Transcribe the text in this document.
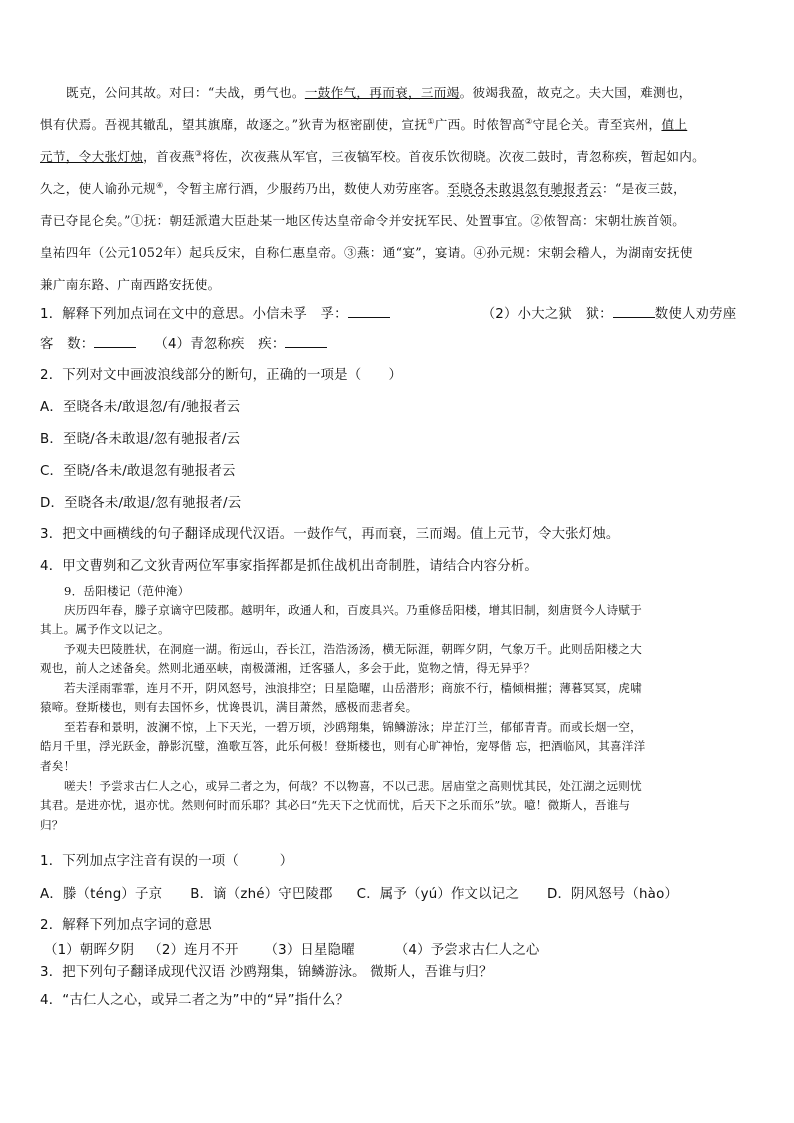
既克，公问其故。对曰：“夫战，勇气也。一鼓作气，再而衰，三而竭。彼竭我盈，故克之。夫大国，难测也，
惧有伏焉。吾视其辙乱，望其旗靡，故逐之。”狄青为枢密副使，宣抚①广西。时侬智高②守昆仑关。青至宾州，值上
元节，令大张灯烛，首夜燕③将佐，次夜燕从军官，三夜犒军校。首夜乐饮彻晓。次夜二鼓时，青忽称疾，暂起如内。
久之，使人谕孙元规④，令暂主席行酒，少服药乃出，数使人劝劳座客。至晓各未敢退忽有驰报者云：“是夜三鼓，
青已夺昆仑矣。”①抚：朝廷派遣大臣赴某一地区传达皇帝命令并安抚军民、处置事宜。②侬智高：宋朝壮族首领。
皇祐四年（公元1052年）起兵反宋，自称仁惠皇帝。③燕：通“宴”，宴请。④孙元规：宋朝会稽人，为湖南安抚使
兼广南东路、广南西路安抚使。
1．解释下列加点词在文中的意思。小信未孚　孚：	（2）小大之狱　狱：	数使人劝劳座
客　数：	（4）青忽称疾　疾：
2．下列对文中画波浪线部分的断句，正确的一项是（　　）
A．至晓各未/敢退忽/有/驰报者云
B．至晓/各未敢退/忽有驰报者/云
C．至晓/各未/敢退忽有驰报者云
D．至晓各未/敢退/忽有驰报者/云
3．把文中画横线的句子翻译成现代汉语。一鼓作气，再而衰，三而竭。值上元节，令大张灯烛。
4．甲文曹刿和乙文狄青两位军事家指挥都是抓住战机出奇制胜，请结合内容分析。
9．岳阳楼记（范仲淹）
庆历四年春，滕子京谪守巴陵郡。越明年，政通人和，百废具兴。乃重修岳阳楼，增其旧制，刻唐贤今人诗赋于
其上。属予作文以记之。
予观夫巴陵胜状，在洞庭一湖。衔远山，吞长江，浩浩汤汤，横无际涯，朝晖夕阴，气象万千。此则岳阳楼之大
观也，前人之述备矣。然则北通巫峡，南极潇湘，迁客骚人，多会于此，览物之情，得无异乎？
若夫淫雨霏霏，连月不开，阴风怒号，浊浪排空；日星隐曜，山岳潜形；商旅不行，樯倾楫摧；薄暮冥冥，虎啸
猿啼。登斯楼也，则有去国怀乡，忧谗畏讥，满目萧然，感极而悲者矣。
至若春和景明，波澜不惊，上下天光，一碧万顷，沙鸥翔集，锦鳞游泳；岸芷汀兰，郁郁青青。而或长烟一空，
皓月千里，浮光跃金，静影沉璧，渔歌互答，此乐何极！登斯楼也，则有心旷神怡，宠辱偕 忘，把酒临风，其喜洋洋
者矣！
嗟夫！予尝求古仁人之心，或异二者之为，何哉？不以物喜，不以己悲。居庙堂之高则忧其民，处江湖之远则忧
其君。是进亦忧，退亦忧。然则何时而乐耶？其必曰“先天下之忧而忧，后天下之乐而乐”欤。噫！微斯人，吾谁与
归？
1．下列加点字注音有误的一项（　　　）
A．滕（téng）子京 B．谪（zhé）守巴陵郡 C．属予（yú）作文以记之 D．阴风怒号（hào）
2．解释下列加点字词的意思
（1）朝晖夕阴 （2）连月不开 （3）日星隐曜	（4）予尝求古仁人之心
3．把下列句子翻译成现代汉语 沙鸥翔集，锦鳞游泳。 微斯人，吾谁与归？
4．“古仁人之心，或异二者之为”中的“异”指什么？
